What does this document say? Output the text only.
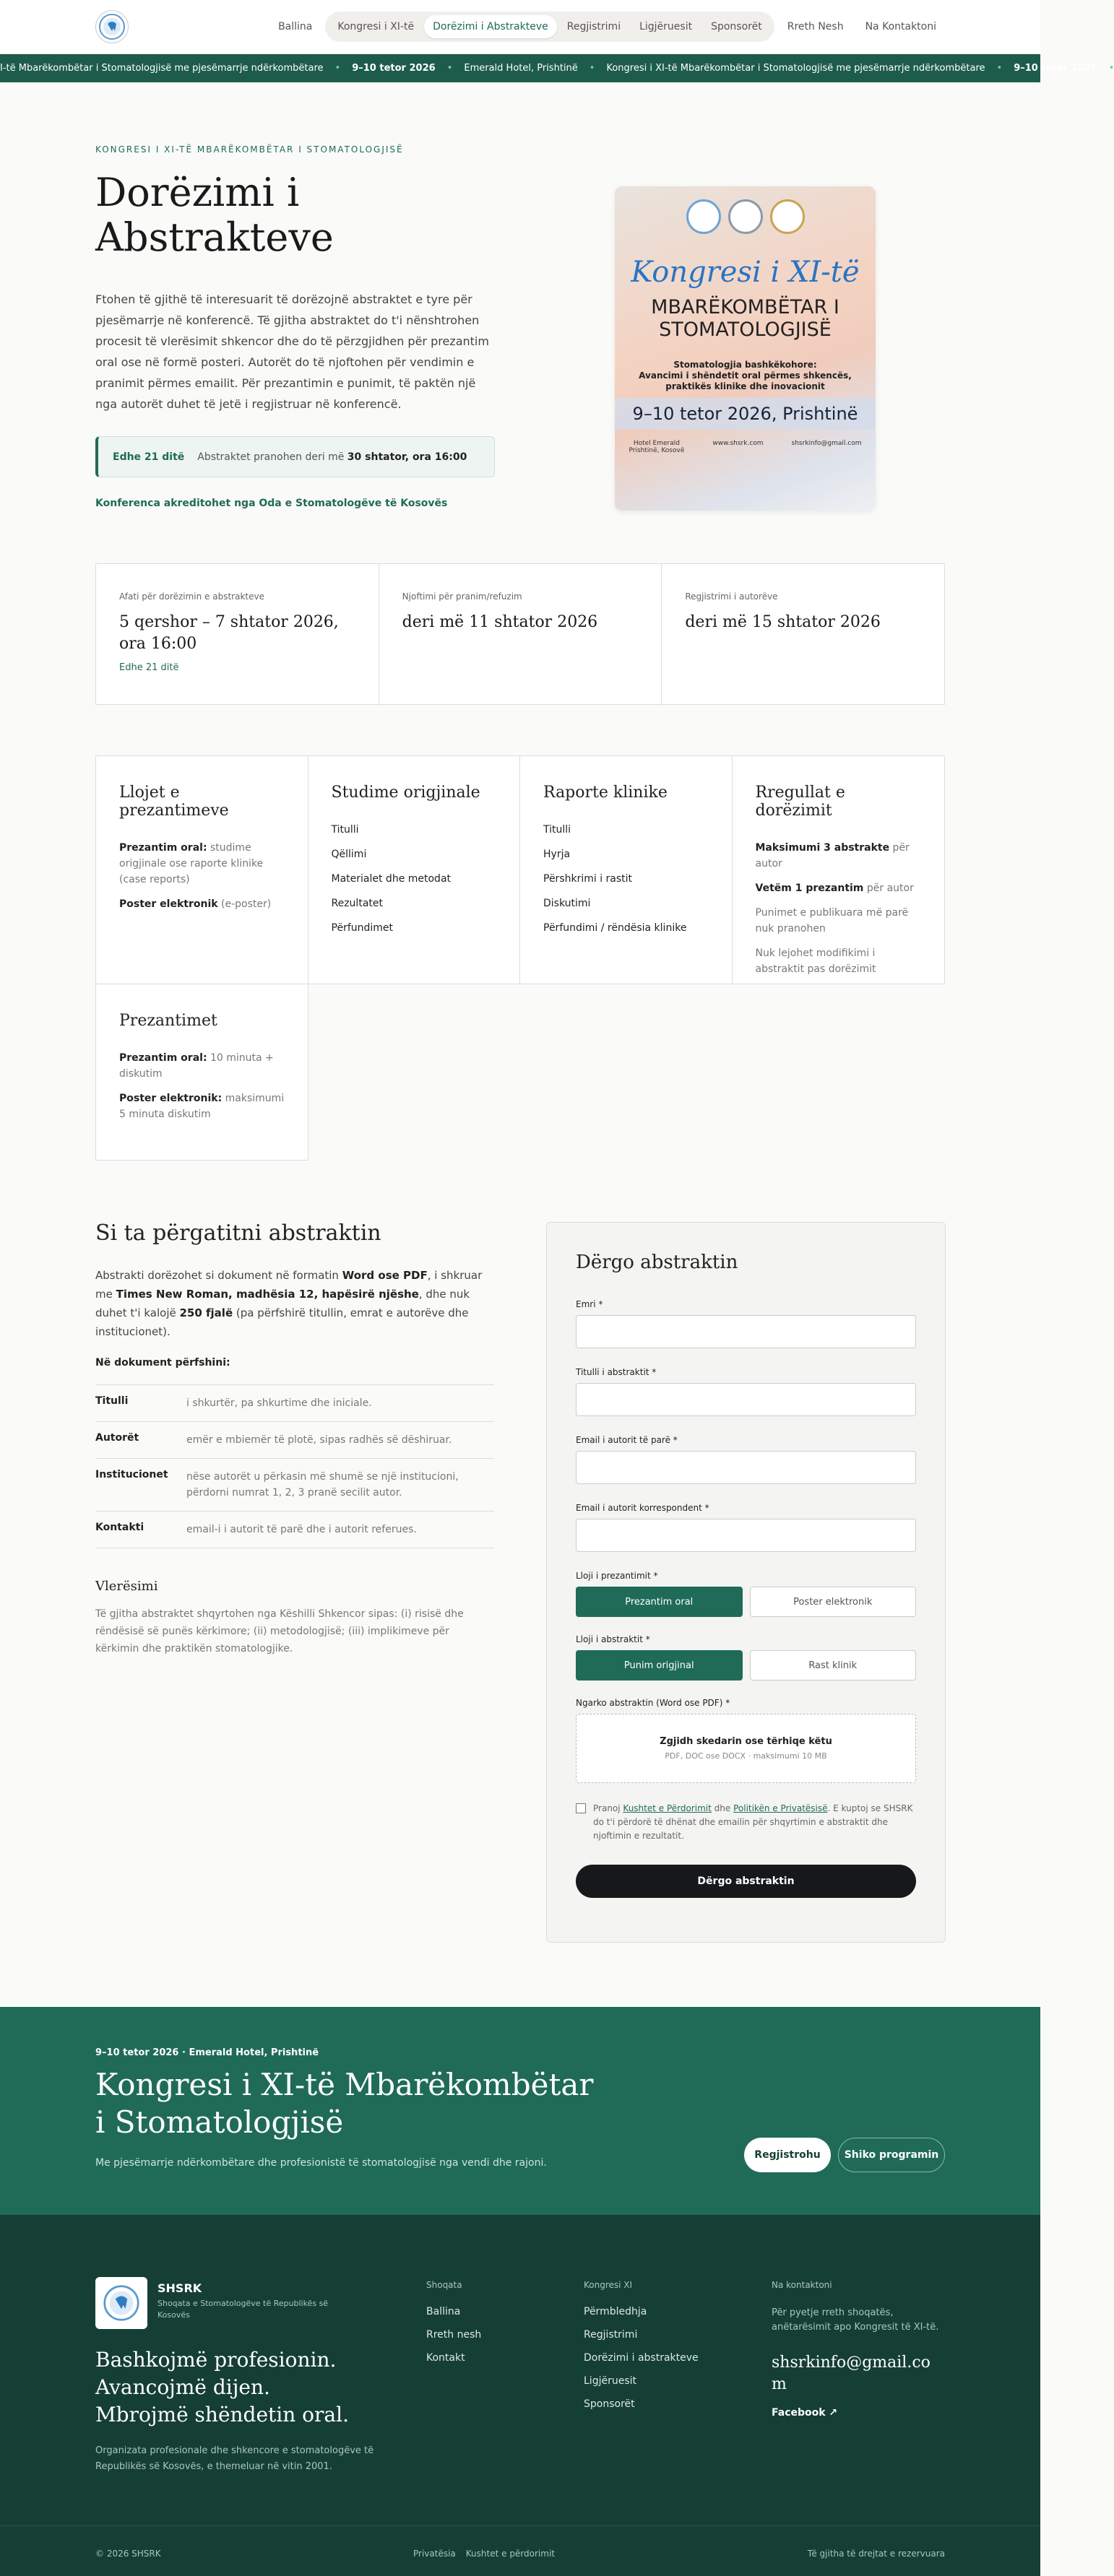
Ballina	Kongresi i XI-të	Dorëzimi i Abstrakteve	Regjistrimi	Ligjëruesit	Sponsorët	Rreth Nesh	Na Kontaktoni
I-të Mbarëkombëtar i Stomatologjisë me pjesëmarrje ndërkombëtare • 9–10 tetor 2026 • Emerald Hotel, Prishtinë • Kongresi i XI-të Mbarëkombëtar i Stomatologjisë me pjesëmarrje ndërkombëtare • 9–10 tetor 2026 •
KONGRESI I XI-TË MBARËKOMBËTAR I STOMATOLOGJISË
Dorëzimi i Abstrakteve

Ftohen të gjithë të interesuarit të dorëzojnë abstraktet e tyre për pjesëmarrje në konferencë. Të gjitha abstraktet do t'i nënshtrohen procesit të vlerësimit shkencor dhe do të përzgjidhen për prezantim oral ose në formë posteri. Autorët do të njoftohen për vendimin e pranimit përmes emailit. Për prezantimin e punimit, të paktën një nga autorët duhet të jetë i regjistruar në konferencë.

Edhe 21 ditë Abstraktet pranohen deri më 30 shtator, ora 16:00
Konferenca akreditohet nga Oda e Stomatologëve të Kosovës
Kongresi i XI-të
MBARËKOMBËTAR I
STOMATOLOGJISË
Stomatologjia bashkëkohore:
Avancimi i shëndetit oral përmes shkencës,
praktikës klinike dhe inovacionit
9–10 tetor 2026, Prishtinë
Hotel Emerald
Prishtinë, Kosovë
www.shsrk.com	shsrkinfo@gmail.com
Afati për dorëzimin e abstrakteve
5 qershor – 7 shtator 2026, ora 16:00
Edhe 21 ditë
Njoftimi për pranim/refuzim
deri më 11 shtator 2026
Regjistrimi i autorëve
deri më 15 shtator 2026
Llojet e prezantimeve

Prezantim oral: studime origjinale ose raporte klinike (case reports)

Poster elektronik (e-poster)

Studime origjinale

Titulli

Qëllimi

Materialet dhe metodat

Rezultatet

Përfundimet

Raporte klinike

Titulli

Hyrja

Përshkrimi i rastit

Diskutimi

Përfundimi / rëndësia klinike

Rregullat e dorëzimit

Maksimumi 3 abstrakte për autor

Vetëm 1 prezantim për autor

Punimet e publikuara më parë nuk pranohen

Nuk lejohet modifikimi i abstraktit pas dorëzimit

Prezantimet

Prezantim oral: 10 minuta + diskutim

Poster elektronik: maksimumi 5 minuta diskutim

Si ta përgatitni abstraktin

Abstrakti dorëzohet si dokument në formatin Word ose PDF, i shkruar me Times New Roman, madhësia 12, hapësirë njëshe, dhe nuk duhet t'i kalojë 250 fjalë (pa përfshirë titullin, emrat e autorëve dhe institucionet).

Në dokument përfshini:
Titulli	i shkurtër, pa shkurtime dhe iniciale.
Autorët	emër e mbiemër të plotë, sipas radhës së dëshiruar.
Institucionet	nëse autorët u përkasin më shumë se një institucioni, përdorni numrat 1, 2, 3 pranë secilit autor.
Kontakti	email-i i autorit të parë dhe i autorit referues.
Vlerësimi

Të gjitha abstraktet shqyrtohen nga Këshilli Shkencor sipas: (i) risisë dhe rëndësisë së punës kërkimore; (ii) metodologjisë; (iii) implikimeve për kërkimin dhe praktikën stomatologjike.

Dërgo abstraktin
Emri *
Titulli i abstraktit *
Email i autorit të parë *
Email i autorit korrespondent *
Lloji i prezantimit *
Prezantim oral	Poster elektronik
Lloji i abstraktit *
Punim origjinal	Rast klinik
Ngarko abstraktin (Word ose PDF) *
Zgjidh skedarin ose tërhiqe këtu
PDF, DOC ose DOCX · maksimumi 10 MB
Pranoj Kushtet e Përdorimit dhe Politikën e Privatësisë. E kuptoj se SHSRK do t'i përdorë të dhënat dhe emailin për shqyrtimin e abstraktit dhe njoftimin e rezultatit.
Dërgo abstraktin
9–10 tetor 2026 · Emerald Hotel, Prishtinë
Kongresi i XI-të Mbarëkombëtar
i Stomatologjisë
Me pjesëmarrje ndërkombëtare dhe profesionistë të stomatologjisë nga vendi dhe rajoni.
Regjistrohu	Shiko programin
SHSRK
Shoqata e Stomatologëve të Republikës së Kosovës
Bashkojmë profesionin.
Avancojmë dijen.
Mbrojmë shëndetin oral.
Organizata profesionale dhe shkencore e stomatologëve të Republikës së Kosovës, e themeluar në vitin 2001.
Shoqata
Ballina
Rreth nesh
Kontakt
Kongresi XI
Përmbledhja
Regjistrimi
Dorëzimi i abstrakteve
Ligjëruesit
Sponsorët
Na kontaktoni
Për pyetje rreth shoqatës, anëtarësimit apo Kongresit të XI-të.
shsrkinfo@gmail.com
Facebook ↗
© 2026 SHSRK	Privatësia Kushtet e përdorimit	Të gjitha të drejtat e rezervuara
